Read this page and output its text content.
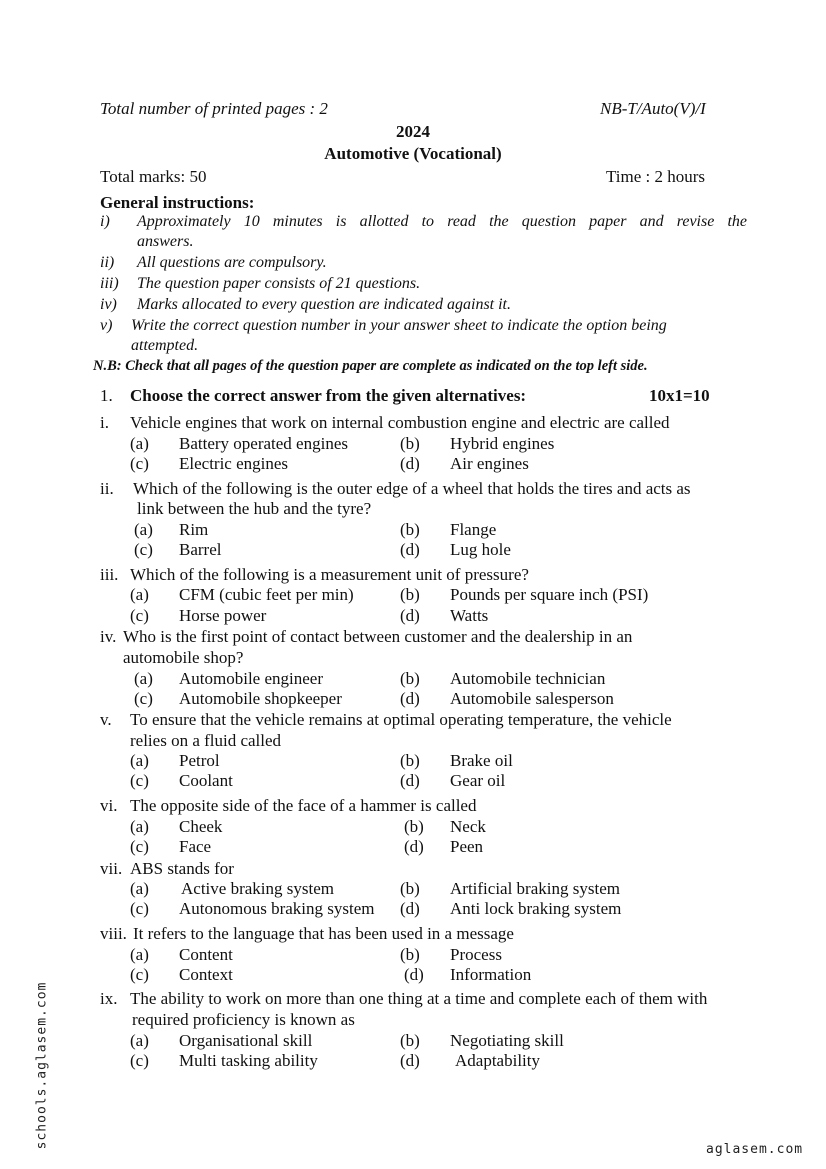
Total number of printed pages : 2	NB-T/Auto(V)/I
2024
Automotive (Vocational)
Total marks: 50	Time : 2 hours
General instructions:
i) Approximately 10 minutes is allotted to read the question paper and revise the
answers.
ii) All questions are compulsory.
iii) The question paper consists of 21 questions.
iv) Marks allocated to every question are indicated against it.
v) Write the correct question number in your answer sheet to indicate the option being
attempted.
N.B: Check that all pages of the question paper are complete as indicated on the top left side.
1. Choose the correct answer from the given alternatives:	10x1=10
i. Vehicle engines that work on internal combustion engine and electric are called
(a) Battery operated engines	(b) Hybrid engines
(c) Electric engines	(d) Air engines
ii. Which of the following is the outer edge of a wheel that holds the tires and acts as
link between the hub and the tyre?
(a) Rim	(b) Flange
(c) Barrel	(d) Lug hole
iii. Which of the following is a measurement unit of pressure?
(a) CFM (cubic feet per min)	(b) Pounds per square inch (PSI)
(c) Horse power	(d) Watts
iv. Who is the first point of contact between customer and the dealership in an
automobile shop?
(a) Automobile engineer	(b) Automobile technician
(c) Automobile shopkeeper	(d) Automobile salesperson
v. To ensure that the vehicle remains at optimal operating temperature, the vehicle
relies on a fluid called
(a) Petrol	(b) Brake oil
(c) Coolant	(d) Gear oil
vi. The opposite side of the face of a hammer is called
(a) Cheek	(b) Neck
(c) Face	(d) Peen
vii. ABS stands for
(a) Active braking system	(b) Artificial braking system
(c) Autonomous braking system (d) Anti lock braking system
viii. It refers to the language that has been used in a message
(a) Content	(b) Process
(c) Context	(d) Information
ix. The ability to work on more than one thing at a time and complete each of them with
required proficiency is known as
(a) Organisational skill	(b) Negotiating skill
(c) Multi tasking ability	(d) Adaptability
schools.aglasem.com
aglasem.com
